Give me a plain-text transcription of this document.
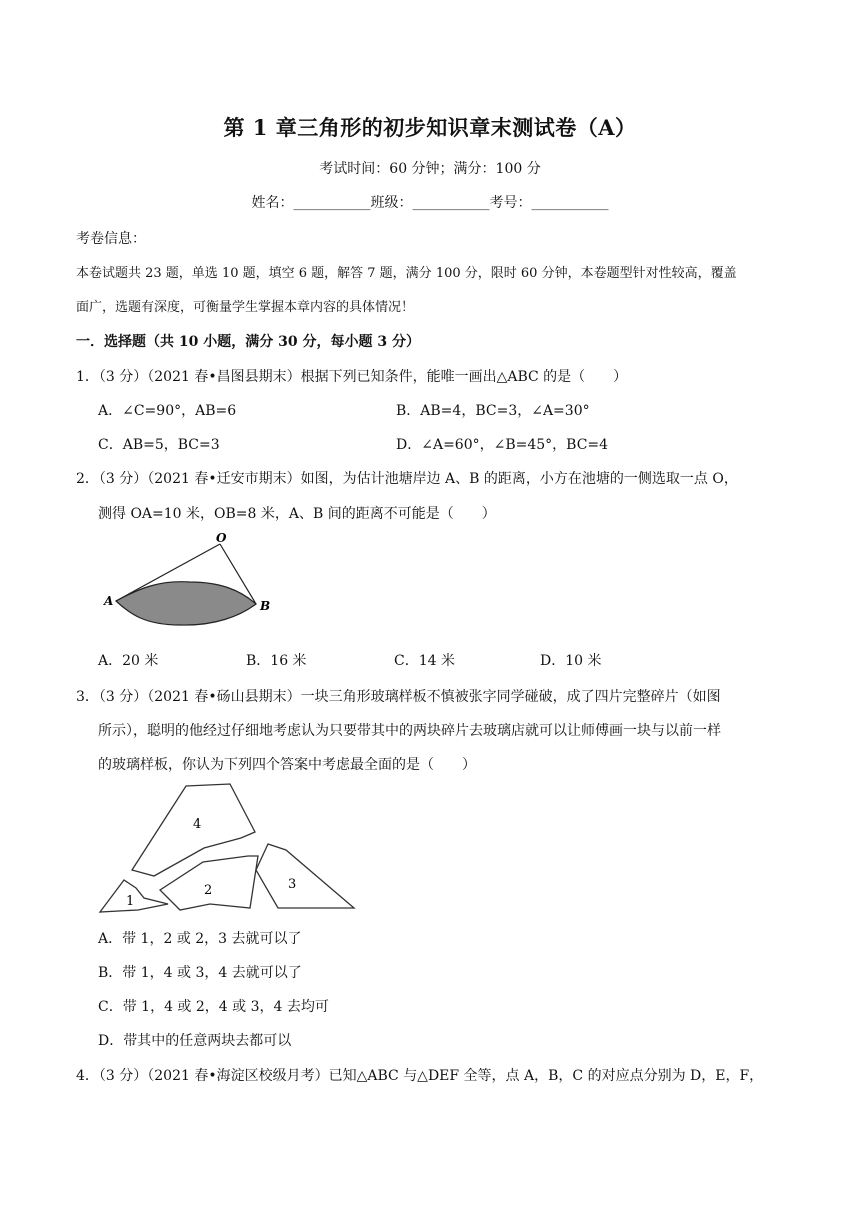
第 1 章三角形的初步知识章末测试卷（A）
考试时间：60 分钟；满分：100 分
姓名：___________班级：___________考号：___________
考卷信息：
本卷试题共 23 题，单选 10 题，填空 6 题，解答 7 题，满分 100 分，限时 60 分钟，本卷题型针对性较高，覆盖
面广，选题有深度，可衡量学生掌握本章内容的具体情况！
一．选择题（共 10 小题，满分 30 分，每小题 3 分）
1．（3 分）（2021 春•昌图县期末）根据下列已知条件，能唯一画出△ABC 的是（　　）
A．∠C=90°，AB=6	B．AB=4，BC=3，∠A=30°
C．AB=5，BC=3	D．∠A=60°，∠B=45°，BC=4
2．（3 分）（2021 春•迁安市期末）如图，为估计池塘岸边 A、B 的距离，小方在池塘的一侧选取一点 O，
测得 OA=10 米，OB=8 米，A、B 间的距离不可能是（　　）
O
A	B
A．20 米	B．16 米	C．14 米	D．10 米
3．（3 分）（2021 春•砀山县期末）一块三角形玻璃样板不慎被张字同学碰破，成了四片完整碎片（如图
所示），聪明的他经过仔细地考虑认为只要带其中的两块碎片去玻璃店就可以让师傅画一块与以前一样
的玻璃样板，你认为下列四个答案中考虑最全面的是（　　）
4
1
2	3
A．带 1，2 或 2，3 去就可以了
B．带 1，4 或 3，4 去就可以了
C．带 1，4 或 2，4 或 3，4 去均可
D．带其中的任意两块去都可以
4．（3 分）（2021 春•海淀区校级月考）已知△ABC 与△DEF 全等，点 A，B，C 的对应点分别为 D，E，F，
